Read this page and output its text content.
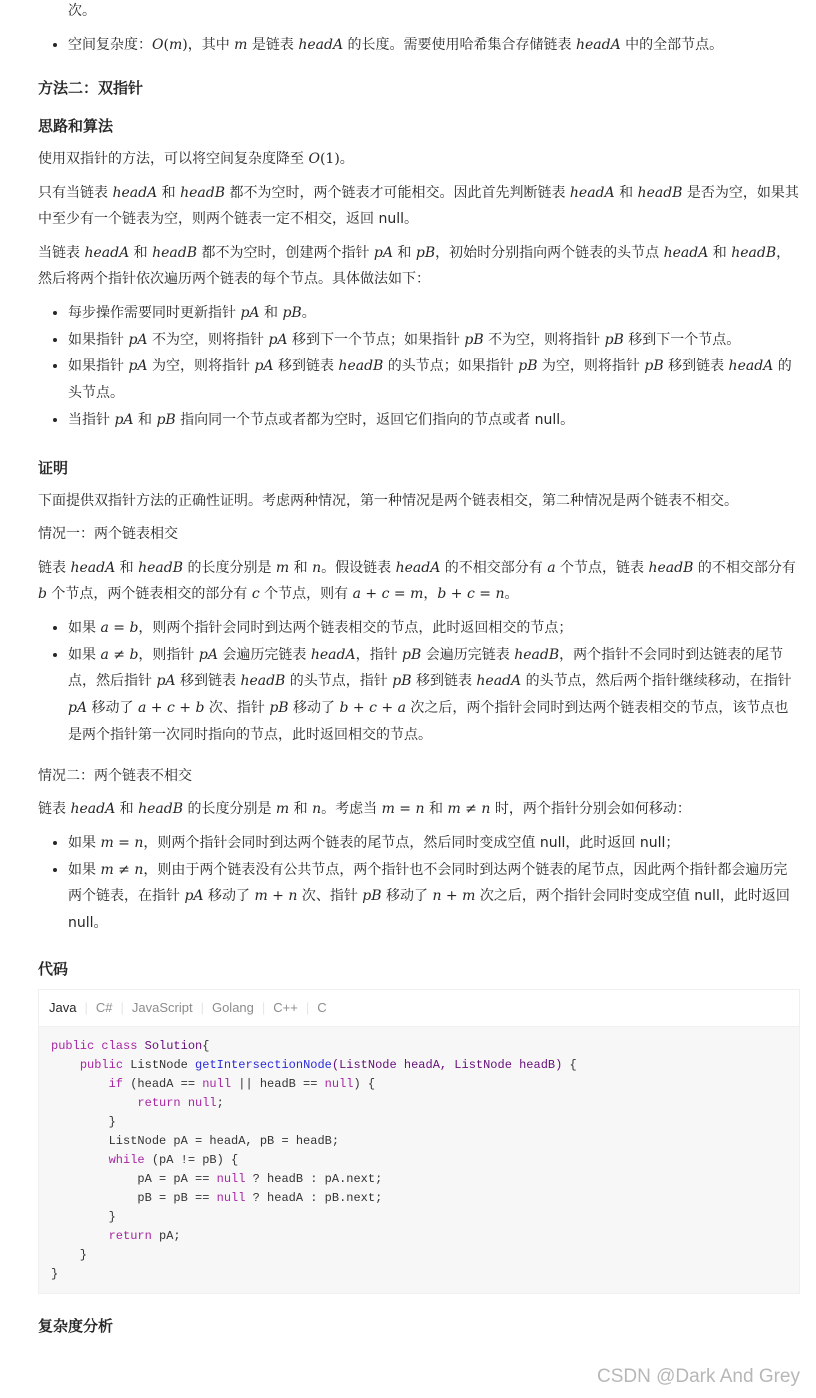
次。

• 空间复杂度：O(m)，其中 m 是链表 headA 的长度。需要使用哈希集合存储链表 headA 中的全部节点。
方法二：双指针
思路和算法

使用双指针的方法，可以将空间复杂度降至 O(1)。

只有当链表 headA 和 headB 都不为空时，两个链表才可能相交。因此首先判断链表 headA 和 headB 是否为空，如果其中至少有一个链表为空，则两个链表一定不相交，返回 null。

当链表 headA 和 headB 都不为空时，创建两个指针 pA 和 pB，初始时分别指向两个链表的头节点 headA 和 headB，然后将两个指针依次遍历两个链表的每个节点。具体做法如下：

• 每步操作需要同时更新指针 pA 和 pB。
• 如果指针 pA 不为空，则将指针 pA 移到下一个节点；如果指针 pB 不为空，则将指针 pB 移到下一个节点。
• 如果指针 pA 为空，则将指针 pA 移到链表 headB 的头节点；如果指针 pB 为空，则将指针 pB 移到链表 headA 的头节点。
• 当指针 pA 和 pB 指向同一个节点或者都为空时，返回它们指向的节点或者 null。
证明

下面提供双指针方法的正确性证明。考虑两种情况，第一种情况是两个链表相交，第二种情况是两个链表不相交。

情况一：两个链表相交

链表 headA 和 headB 的长度分别是 m 和 n。假设链表 headA 的不相交部分有 a 个节点，链表 headB 的不相交部分有 b 个节点，两个链表相交的部分有 c 个节点，则有 a + c = m，b + c = n。

• 如果 a = b，则两个指针会同时到达两个链表相交的节点，此时返回相交的节点；
• 如果 a ≠ b，则指针 pA 会遍历完链表 headA，指针 pB 会遍历完链表 headB，两个指针不会同时到达链表的尾节点，然后指针 pA 移到链表 headB 的头节点，指针 pB 移到链表 headA 的头节点，然后两个指针继续移动，在指针 pA 移动了 a + c + b 次、指针 pB 移动了 b + c + a 次之后，两个指针会同时到达两个链表相交的节点，该节点也是两个指针第一次同时指向的节点，此时返回相交的节点。

情况二：两个链表不相交

链表 headA 和 headB 的长度分别是 m 和 n。考虑当 m = n 和 m ≠ n 时，两个指针分别会如何移动：

• 如果 m = n，则两个指针会同时到达两个链表的尾节点，然后同时变成空值 null，此时返回 null；
• 如果 m ≠ n，则由于两个链表没有公共节点，两个指针也不会同时到达两个链表的尾节点，因此两个指针都会遍历完两个链表，在指针 pA 移动了 m + n 次、指针 pB 移动了 n + m 次之后，两个指针会同时变成空值 null，此时返回 null。
代码
Java | C# | JavaScript | Golang | C++ | C
public class Solution{
public ListNode getIntersectionNode(ListNode headA, ListNode headB) {
if (headA == null || headB == null) {
return null;
}
ListNode pA = headA, pB = headB;
while (pA != pB) {
pA = pA == null ? headB : pA.next;
pB = pB == null ? headA : pB.next;
}
return pA;
}
}
复杂度分析
CSDN @Dark And Grey
